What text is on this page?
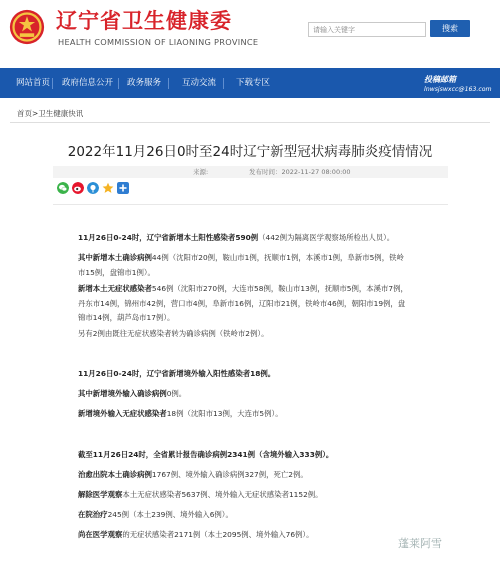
辽宁省卫生健康委
HEALTH COMMISSION OF LIAONING PROVINCE
请输入关键字	搜索
网站首页 政府信息公开 政务服务 互动交流 下载专区	投稿邮箱
lnwsjswxcc@163.com
首页>卫生健康快讯
2022年11月26日0时至24时辽宁新型冠状病毒肺炎疫情情况
来源:	发布时间：2022-11-27 08:00:00
11月26日0-24时，辽宁省新增本土阳性感染者590例（442例为隔离医学观察场所检出人员）。
其中新增本土确诊病例44例（沈阳市20例，鞍山市1例，抚顺市1例，本溪市1例，阜新市5例，铁岭市15例，盘锦市1例）。
新增本土无症状感染者546例（沈阳市270例，大连市58例，鞍山市13例，抚顺市5例，本溪市7例，丹东市14例，锦州市42例，营口市4例，阜新市16例，辽阳市21例，铁岭市46例，朝阳市19例，盘锦市14例，葫芦岛市17例）。
另有2例由既往无症状感染者转为确诊病例（铁岭市2例）。
11月26日0-24时，辽宁省新增境外输入阳性感染者18例。
其中新增境外输入确诊病例0例。
新增境外输入无症状感染者18例（沈阳市13例，大连市5例）。
截至11月26日24时，全省累计报告确诊病例2341例（含境外输入333例）。
治愈出院本土确诊病例1767例、境外输入确诊病例327例，死亡2例。
解除医学观察本土无症状感染者5637例、境外输入无症状感染者1152例。
在院治疗245例（本土239例、境外输入6例）。
尚在医学观察的无症状感染者2171例（本土2095例、境外输入76例）。
蓬莱阿雪
